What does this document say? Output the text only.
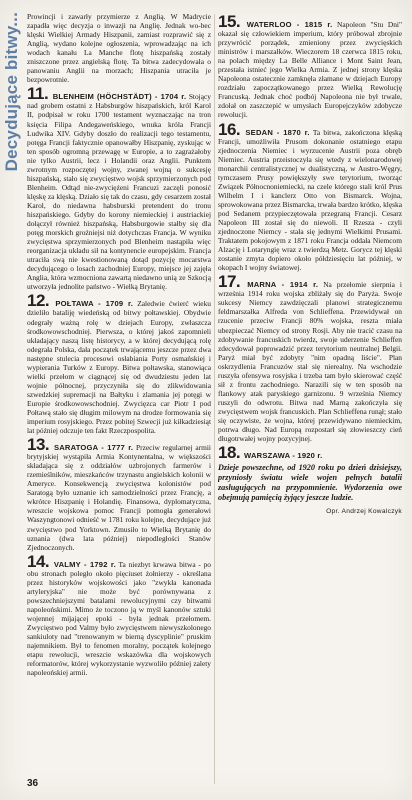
Decydujące bitwy... Prowincji i zawarły przymierze z Anglią. W Madrycie zapadła więc decyzja o inwazji na Anglię. Jednak wo-bec klęski Wielkiej Armady Hiszpanii, zamiast rozprawić się z Anglią, wydano kolejne ogłoszenia, wprowadzając na ich wodach kanału La Manche flotę hiszpańską zostały zniszczone przez angielską flotę. Ta bitwa zadecydowała o panowaniu Anglii na morzach; Hiszpania utraciła je bezpowrotnie.

11. BLENHEIM (HÖCHSTÄDT) - 1704 r. Stojący nad grobem ostatni z Habsburgów hiszpańskich, król Karol II, podpisał w roku 1700 testament wyznaczając na tron księcia Filipa Andegaweńskiego, wnuka króla Francji Ludwika XIV. Gdyby doszło do realizacji tego testamentu, potęga Francji faktycznie opanowałby Hiszpanię, zyskując w ten sposób ogromną przewagę w Europie, a to zagrażałoby nie tylko Austrii, lecz i Holandii oraz Anglii. Punktem zwrotnym rozpoczętej wojny, zwanej wojną o sukcesję hiszpańską, stało się zwycięstwo wojsk sprzymierzonych pod Blenheim. Odtąd nie-zwyciężeni Francuzi zaczęli ponosić klęskę za klęską. Działo się tak do czasu, gdy cesarzem został Karol, do niedawna habsburski pretendent do tronu hiszpańskiego. Gdyby do korony niemieckiej i austriackiej dołączył również hiszpańską, Habsburgowie stałby się dla potęg morskich groźniejsi niż dotychczas Francja. W wyniku zwycięstwa sprzymierzonych pod Blenheim nastąpiła więc reorganizacja układu sił na kontynencie europejskim. Francja utraciła swą nie kwestionowaną dotąd pozycję mocarstwa decydującego o losach zachodniej Europy, miejsce jej zajęła Anglia, która wzmocniona zawartą niedawno unią ze Szkocją utworzyła jednolite państwo - Wielką Brytanię.

12. POŁTAWA - 1709 r. Zaledwie ćwierć wieku dzieliło bataliję wiedeńską od bitwy połtawskiej. Obydwie odegrały ważną rolę w dziejach Europy, zwłaszcza środkowowschodniej. Pierwsza, o której jakoś zapomnieli układający naszą listę historycy, a w której decydującą rolę odegrała Polska, dała początek trwającemu jeszcze przez dwa następne stulecia procesowi osłabiania Porty osmańskiej i wypierania Turków z Europy. Bitwa połtawska, stanowiąca wielki przełom w ciągnącej się od dwudziestu jeden lat wojnie północnej, przyczyniła się do zlikwidowania szwedzkiej supremacji na Bałtyku i zlamania jej potęgi w Europie środkowowschodniej. Zwycięzca car Piotr I pod Połtawą stało się długim milowym na drodze formowania się imperium rosyjskiego. Przez pobitej Szwecji już kiłkadziesiąt lat później odczuje ten fakt Rzeczpospolita.

13. SARATOGA - 1777 r. Przeciw regularnej armii brytyjskiej wystąpiła Armia Kontynentalna, w większości składająca się z oddziałów uzbrojonych farmerów i rzemieślników, mieszkańców trzynastu angielskich kolonii w Ameryce. Konsekwencją zwycięstwa kolonistów pod Saratogą było uznanie ich samodzielności przez Francję, a wkrótce Hiszpanię i Holandię. Finansowa, dyplomatyczna, wreszcie wojskowa pomoc Francji pomogła generałowi Waszyngtonowi odnieść w 1781 roku kolejne, decydujące już zwycięstwo pod Yorktown. Zmusiło to Wielką Brytanię do uznania (dwa lata później) niepodległości Stanów Zjednoczonych.

14. VALMY - 1792 r. Ta niezbyt krwawa bitwa - po obu stronach poległo około pięciuset żołnierzy - określana przez historyków wojskowości jako "zwykła kanonada artyleryjska" nie może być porównywana z powszechniejszymi batalami rewolucyjnymi czy bitwami napoleońskimi. Mimo że toczono ją w myśl kanonów sztuki wojennej mijającej epoki - była jednak przełomem. Zwycięstwo pod Valmy było zwycięstwem niewyszkolonego sankiuloty nad "trenowanym w bierną dyscyplinie" pruskim najemnikiem. Był to fenomen moralny, początek kolejnego etapu rewolucji, wreszcie wskazówka dla wojskowych reformatorów, której wykorzystanie wyzwoliło później zalety napoleońskiej armii.

15. WATERLOO - 1815 r. Napoleon "Stu Dni" okazał się człowiekiem imperium, który próbował zbrojnie przywrócić porządek, zmieniony przez zwycięskich ministrów i marszałków. Wieczorem 18 czerwca 1815 roku, na polach między La Belle Alliance i Mont Saint Jean, przestała istnieć jego Wielka Armia. Z jednej strony klęska Napoleona ostatecznie zamknęła złamane w dziejach Europy rozdziału zapoczątkowanego przez Wielką Rewolucję Francuską. Jednak choć podbój Napoleona nie był trwale, zdołał on zaszczepić w umysłach Europejczyków zdobycze rewolucji.

16. SEDAN - 1870 r. Ta bitwa, zakończona klęską Francji, umożliwiła Prusom dokonanie ostatniego etapu zjednoczenia Niemiec i wyrzucenie Austrii poza obręb Niemiec. Austria przeistoczyła się wtedy z wielonarodowej monarchii centralistycznej w dualistyczną, w Austro-Węgry, tymczasem Prusy powiększyły swe terytorium, tworząc Związek Północnoniemiecki, na czele którego stali król Prus Wilhelm I i kanclerz Otto von Bismarck. Wojna, sprowokowana przez Bismarcka, trwała bardzo krótko, klęska pod Sedanem przypieczętowała przegraną Francji. Cesarz Napoleon III został się do niewoli. II Rzesza - czyli zjednoczone Niemcy - stała się jednymi Wielkimi Prusami. Traktatem pokojowym z 1871 roku Francja oddała Niemcom Alzację i Lotaryngię wraz z twierdzą Metz. Gorycz tej klęski zostanie zmyta dopiero około półdziesięciu lat później, w okopach I wojny światowej.

17. MARNA - 1914 r. Na przełomie sierpnia i września 1914 roku wojska zbliżały się do Paryża. Swoje sukcesy Niemcy zawdzięczali planowi strategicznemu feldmarszałka Alfreda von Schlieffena. Przewidywał on rzucenie przeciw Francji 80% wojska, reszta miała ubezpieczać Niemcy od strony Rosji. Aby nie tracić czasu na zdobywanie francuskich twierdz, swoje uderzenie Schlieffen zdecydował poprowadzić przez terytorium neutralnej Belgii. Paryż miał być zdobyty "nim opadną liście". Plan oskrzydlenia Francuzów stał się nierealny. Na wschodzie ruszyła ofensywa rosyjska i trzeba tam było skierować część sił z frontu zachodniego. Narazili się w ten sposób na flankowy atak paryskiego garnizonu. 9 września Niemcy ruszyli do odwrotu. Bitwa nad Marną zakończyła się zwycięstwem wojsk francuskich. Plan Schlieffena runął; stało się oczywiste, że wojna, której przewidywano niemieckim, potrwa długo. Nad Europą rozpostarł się złowieszczy cień długotrwałej wojny pozycyjnej.

18. WARSZAWA - 1920 r.

Dzieje powszechne, od 1920 roku po dzień dzisiejszy, przyniosły światu wiele wojen pełnych batalii zasługujących na przypomnienie. Wydorzenia owe obejmują pamięcią żyjący jeszcze ludzie.

Opr. Andrzej Kowalczyk

36
